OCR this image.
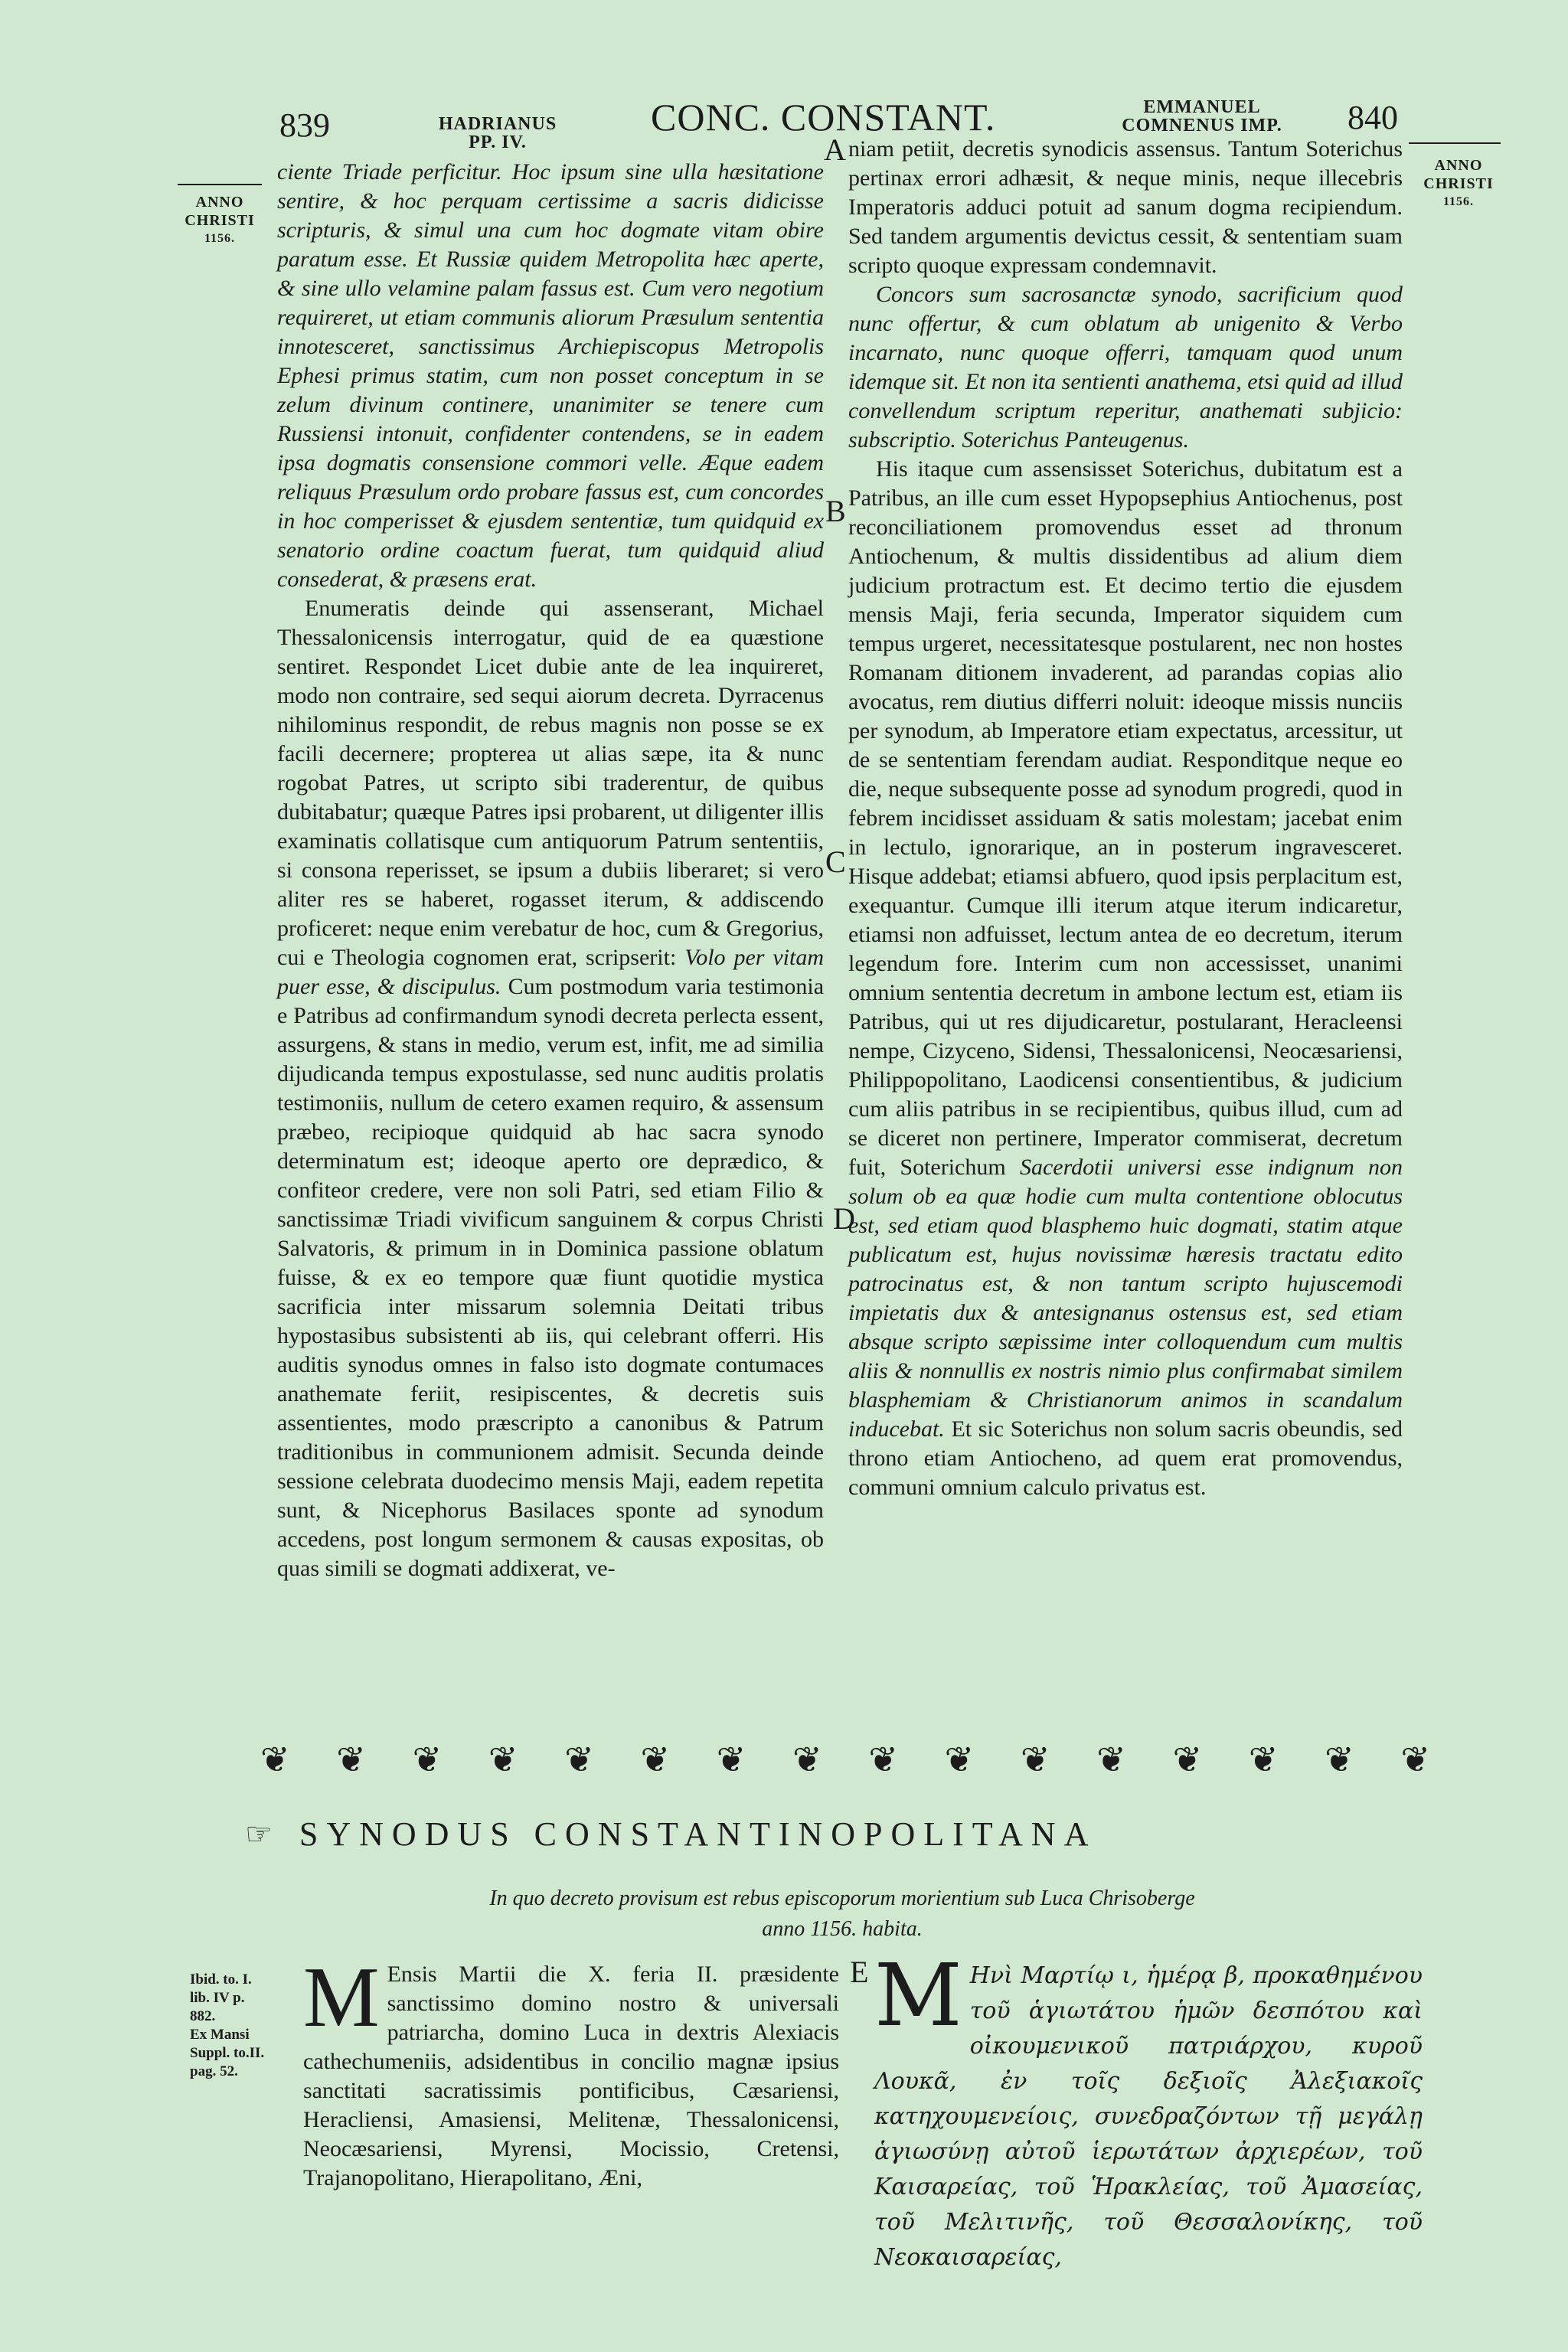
839	HADRIANUS
PP. IV.
CONC. CONSTANT.	EMMANUEL
COMNENUS IMP.	840
ANNO
CHRISTI
1156.
ANNO
CHRISTI
1156.
A
B
C
D
E

ciente Triade perficitur. Hoc ipsum sine ulla hæsitatione sentire, & hoc perquam certissime a sacris didicisse scripturis, & simul una cum hoc dogmate vitam obire paratum esse. Et Russiæ quidem Metropolita hæc aperte, & sine ullo velamine palam fassus est. Cum vero negotium requireret, ut etiam communis aliorum Præsulum sententia innotesceret, sanctissimus Archiepiscopus Metropolis Ephesi primus statim, cum non posset conceptum in se zelum divinum continere, unanimiter se tenere cum Russiensi intonuit, confidenter contendens, se in eadem ipsa dogmatis consensione commori velle. Æque eadem reliquus Præsulum ordo probare fassus est, cum concordes in hoc comperisset & ejusdem sententiæ, tum quidquid ex senatorio ordine coactum fuerat, tum quidquid aliud consederat, & præsens erat.

Enumeratis deinde qui assenserant, Michael Thessalonicensis interrogatur, quid de ea quæstione sentiret. Respondet Licet dubie ante de lea inquireret, modo non contraire, sed sequi aiorum decreta. Dyrracenus nihilominus respondit, de rebus magnis non posse se ex facili decernere; propterea ut alias sæpe, ita & nunc rogobat Patres, ut scripto sibi traderentur, de quibus dubitabatur; quæque Patres ipsi probarent, ut diligenter illis examinatis collatisque cum antiquorum Patrum sententiis, si consona reperisset, se ipsum a dubiis liberaret; si vero aliter res se haberet, rogasset iterum, & addiscendo proficeret: neque enim verebatur de hoc, cum & Gregorius, cui e Theologia cognomen erat, scripserit: Volo per vitam puer esse, & discipulus. Cum postmodum varia testimonia e Patribus ad confirmandum synodi decreta perlecta essent, assurgens, & stans in medio, verum est, infit, me ad similia dijudicanda tempus expostulasse, sed nunc auditis prolatis testimoniis, nullum de cetero examen requiro, & assensum præbeo, recipioque quidquid ab hac sacra synodo determinatum est; ideoque aperto ore deprædico, & confiteor credere, vere non soli Patri, sed etiam Filio & sanctissimæ Triadi vivificum sanguinem & corpus Christi Salvatoris, & primum in in Dominica passione oblatum fuisse, & ex eo tempore quæ fiunt quotidie mystica sacrificia inter missarum solemnia Deitati tribus hypostasibus subsistenti ab iis, qui celebrant offerri. His auditis synodus omnes in falso isto dogmate contumaces anathemate feriit, resipiscentes, & decretis suis assentientes, modo præscripto a canonibus & Patrum traditionibus in communionem admisit. Secunda deinde sessione celebrata duodecimo mensis Maji, eadem repetita sunt, & Nicephorus Basilaces sponte ad synodum accedens, post longum sermonem & causas expositas, ob quas simili se dogmati addixerat, ve-

niam petiit, decretis synodicis assensus. Tantum Soterichus pertinax errori adhæsit, & neque minis, neque illecebris Imperatoris adduci potuit ad sanum dogma recipiendum. Sed tandem argumentis devictus cessit, & sententiam suam scripto quoque expressam condemnavit.

Concors sum sacrosanctæ synodo, sacrificium quod nunc offertur, & cum oblatum ab unigenito & Verbo incarnato, nunc quoque offerri, tamquam quod unum idemque sit. Et non ita sentienti anathema, etsi quid ad illud convellendum scriptum reperitur, anathemati subjicio: subscriptio. Soterichus Panteugenus.

His itaque cum assensisset Soterichus, dubitatum est a Patribus, an ille cum esset Hypopsephius Antiochenus, post reconciliationem promovendus esset ad thronum Antiochenum, & multis dissidentibus ad alium diem judicium protractum est. Et decimo tertio die ejusdem mensis Maji, feria secunda, Imperator siquidem cum tempus urgeret, necessitatesque postularent, nec non hostes Romanam ditionem invaderent, ad parandas copias alio avocatus, rem diutius differri noluit: ideoque missis nunciis per synodum, ab Imperatore etiam expectatus, arcessitur, ut de se sententiam ferendam audiat. Responditque neque eo die, neque subsequente posse ad synodum progredi, quod in febrem incidisset assiduam & satis molestam; jacebat enim in lectulo, ignorarique, an in posterum ingravesceret. Hisque addebat; etiamsi abfuero, quod ipsis perplacitum est, exequantur. Cumque illi iterum atque iterum indicaretur, etiamsi non adfuisset, lectum antea de eo decretum, iterum legendum fore. Interim cum non accessisset, unanimi omnium sententia decretum in ambone lectum est, etiam iis Patribus, qui ut res dijudicaretur, postularant, Heracleensi nempe, Cizyceno, Sidensi, Thessalonicensi, Neocæsariensi, Philippopolitano, Laodicensi consentientibus, & judicium cum aliis patribus in se recipientibus, quibus illud, cum ad se diceret non pertinere, Imperator commiserat, decretum fuit, Soterichum Sacerdotii universi esse indignum non solum ob ea quæ hodie cum multa contentione oblocutus est, sed etiam quod blasphemo huic dogmati, statim atque publicatum est, hujus novissimæ hæresis tractatu edito patrocinatus est, & non tantum scripto hujuscemodi impietatis dux & antesignanus ostensus est, sed etiam absque scripto sæpissime inter colloquendum cum multis aliis & nonnullis ex nostris nimio plus confirmabat similem blasphemiam & Christianorum animos in scandalum inducebat. Et sic Soterichus non solum sacris obeundis, sed throno etiam Antiocheno, ad quem erat promovendus, communi omnium calculo privatus est.

❦ ❦ ❦ ❦ ❦ ❦ ❦ ❦ ❦ ❦ ❦ ❦ ❦ ❦ ❦ ❦
☞ SYNODUS CONSTANTINOPOLITANA
In quo decreto provisum est rebus episcoporum morientium sub Luca Chrisoberge
anno 1156. habita.
Ibid. to. I.
lib. IV p.
882.
Ex Mansi
Suppl. to.II.
pag. 52.
M Ensis Martii die X. feria II. præsidente sanctissimo domino nostro & universali patriarcha, domino Luca in dextris Alexiacis cathechumeniis, adsidentibus in concilio magnæ ipsius sanctitati sacratissimis pontificibus, Cæsariensi, Heracliensi, Amasiensi, Melitenæ, Thessalonicensi, Neocæsariensi, Myrensi, Mocissio, Cretensi, Trajanopolitano, Hierapolitano, Æni,
M Ηνὶ Μαρτίῳ ι, ἡμέρᾳ β, προκαθημένου τοῦ ἁγιωτάτου ἡμῶν δεσπότου καὶ οἰκουμενικοῦ πατριάρχου, κυροῦ Λουκᾶ, ἐν τοῖς δεξιοῖς Ἀλεξιακοῖς κατηχουμενείοις, συνεδραζόντων τῇ μεγάλῃ ἁγιωσύνῃ αὐτοῦ ἱερωτάτων ἀρχιερέων, τοῦ Καισαρείας, τοῦ Ἡρακλείας, τοῦ Ἀμασείας, τοῦ Μελιτινῆς, τοῦ Θεσσαλονίκης, τοῦ Νεοκαισαρείας,
